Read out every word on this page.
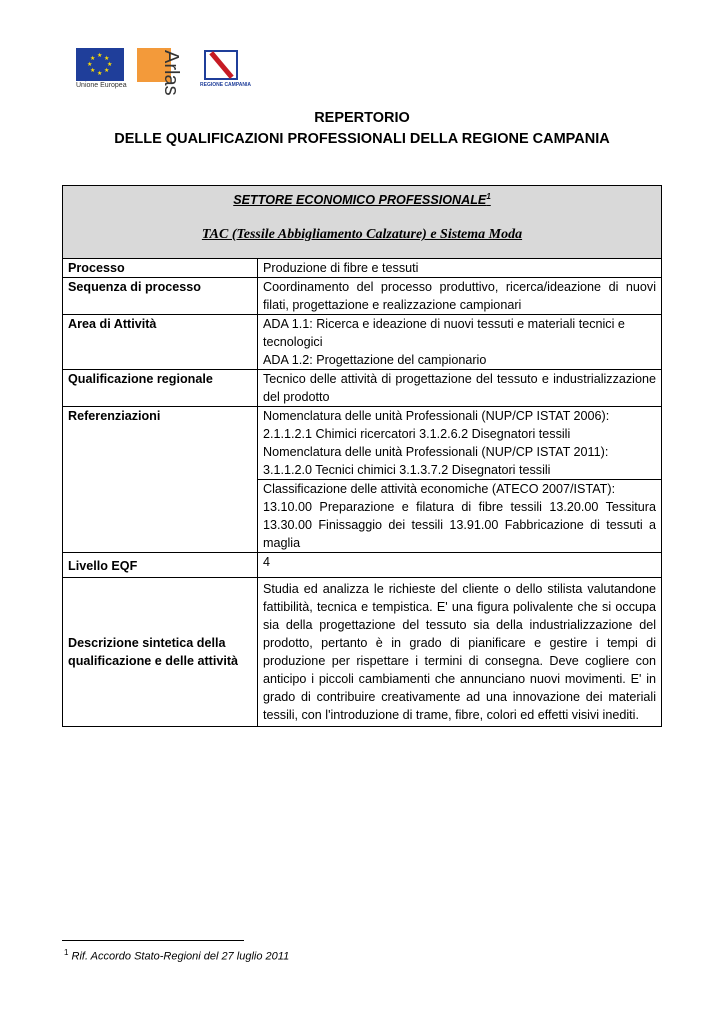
★ ★
★
★
★
★
★
★
Unione Europea	Arlas	REGIONE CAMPANIA
REPERTORIO
DELLE QUALIFICAZIONI PROFESSIONALI DELLA REGIONE CAMPANIA
SETTORE ECONOMICO PROFESSIONALE$^1$
TAC (Tessile Abbigliamento Calzature) e Sistema Moda	

Processo	Produzione di fibre e tessuti
Sequenza di processo	Coordinamento del processo produttivo, ricerca/ideazione di nuovi filati, progettazione e realizzazione campionari
Area di Attività	ADA 1.1: Ricerca e ideazione di nuovi tessuti e materiali tecnici e tecnologici
ADA 1.2: Progettazione del campionario

Qualificazione regionale	Tecnico delle attività di progettazione del tessuto e industrializzazione del prodotto
Referenziazioni	Nomenclatura delle unità Professionali (NUP/CP ISTAT 2006):
2.1.1.2.1 Chimici ricercatori 3.1.2.6.2 Disegnatori tessili
Nomenclatura delle unità Professionali (NUP/CP ISTAT 2011):
3.1.1.2.0 Tecnici chimici 3.1.3.7.2 Disegnatori tessili

	Classificazione delle attività economiche (ATECO 2007/ISTAT):
13.10.00 Preparazione e filatura di fibre tessili 13.20.00 Tessitura 13.30.00 Finissaggio dei tessili 13.91.00 Fabbricazione di tessuti a maglia

Livello EQF	4
Descrizione sintetica della qualificazione e delle attività	Studia ed analizza le richieste del cliente o dello stilista valutandone fattibilità, tecnica e tempistica. E' una figura polivalente che si occupa sia della progettazione del tessuto sia della industrializzazione del prodotto, pertanto è in grado di pianificare e gestire i tempi di produzione per rispettare i termini di consegna. Deve cogliere con anticipo i piccoli cambiamenti che annunciano nuovi movimenti. E' in grado di contribuire creativamente ad una innovazione dei materiali tessili, con l'introduzione di trame, fibre, colori ed effetti visivi inediti.
$^1$ Rif. Accordo Stato-Regioni del 27 luglio 2011
